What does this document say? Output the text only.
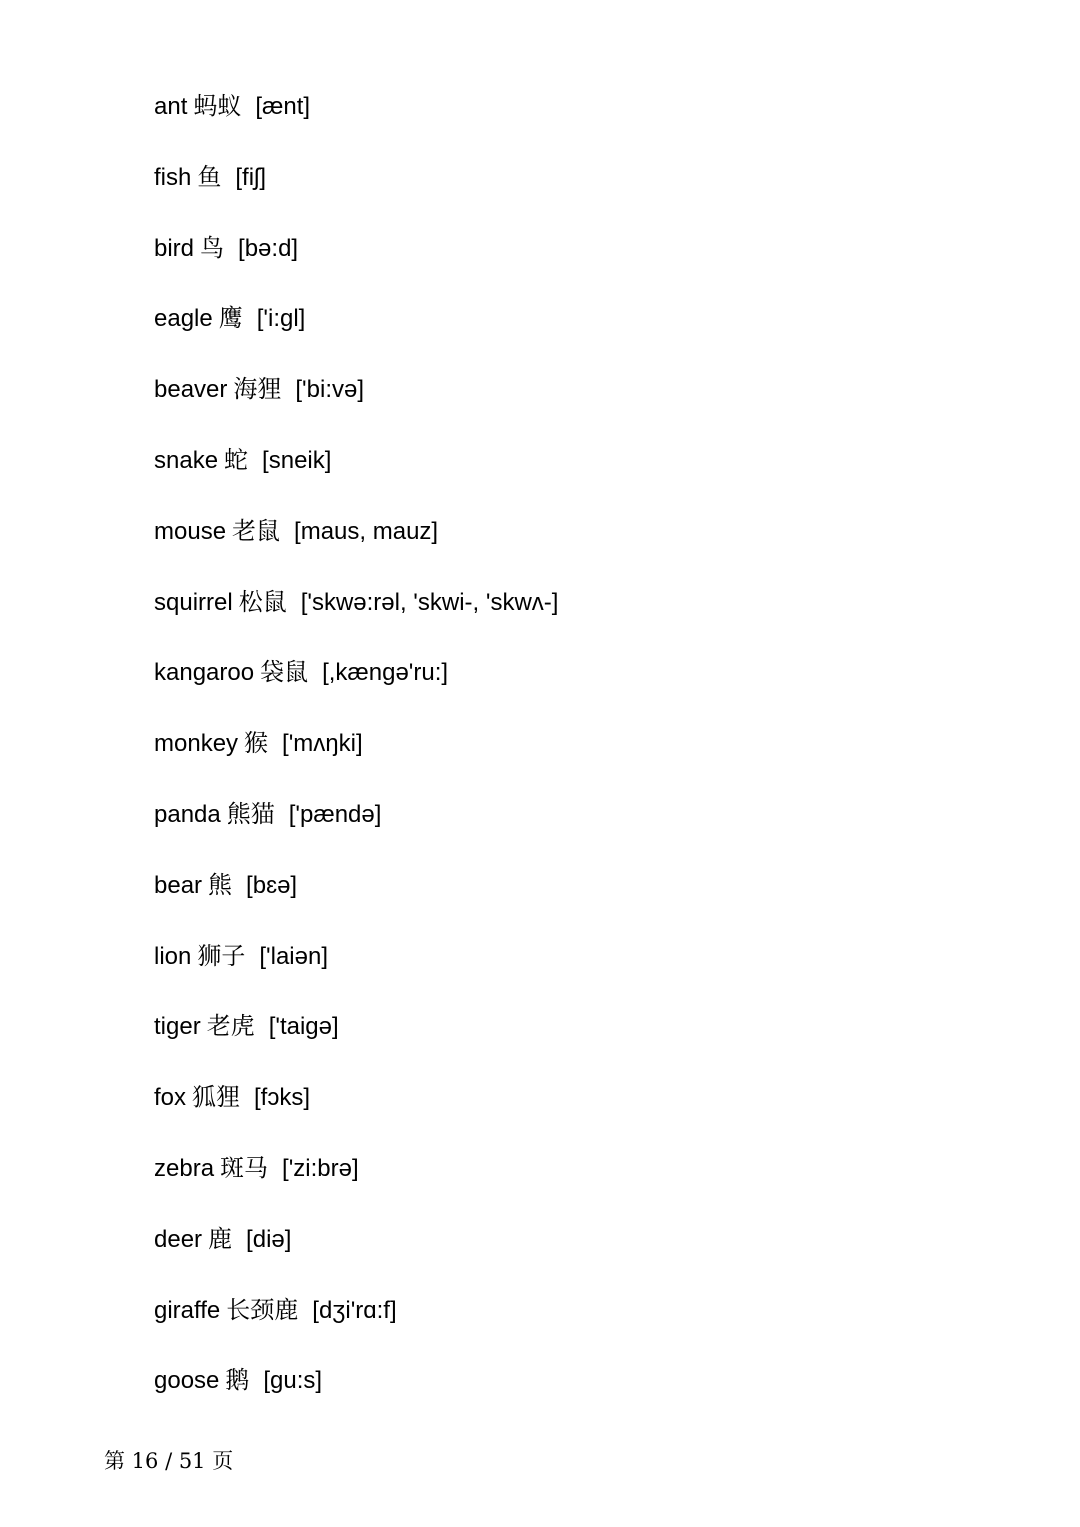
ant 蚂蚁 [ænt]
fish 鱼 [fiʃ]
bird 鸟 [bə:d]
eagle 鹰 ['i:ɡl]
beaver 海狸 ['bi:və]
snake 蛇 [sneik]
mouse 老鼠 [maus, mauz]
squirrel 松鼠 ['skwə:rəl, 'skwi-, 'skwʌ-]
kangaroo 袋鼠 [,kænɡə'ru:]
monkey 猴 ['mʌŋki]
panda 熊猫 ['pændə]
bear 熊 [bɛə]
lion 狮子 ['laiən]
tiger 老虎 ['taiɡə]
fox 狐狸 [fɔks]
zebra 斑马 ['zi:brə]
deer 鹿 [diə]
giraffe 长颈鹿 [dʒi'rɑ:f]
goose 鹅 [ɡu:s]
第 16 / 51 页
